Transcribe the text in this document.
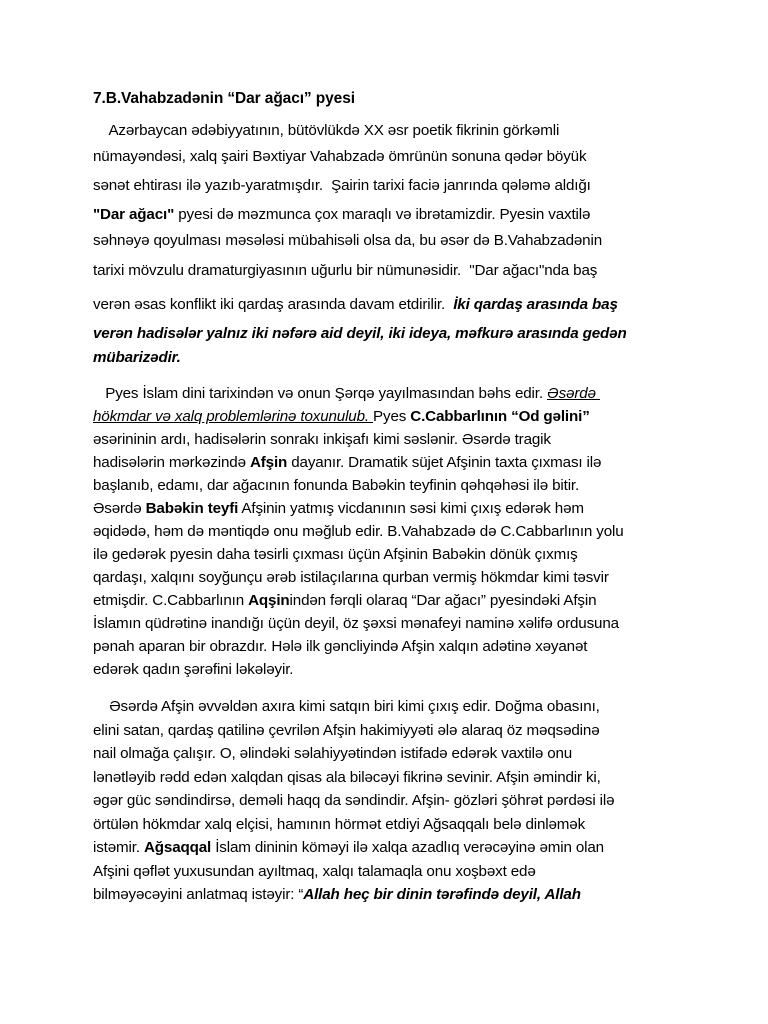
7.B.Vahabzadənin “Dar ağacı” pyesi
Azərbaycan ədəbiyyatının, bütövlükdə XX əsr poetik fikrinin görkəmli
nümayəndəsi, xalq şairi Bəxtiyar Vahabzadə ömrünün sonuna qədər böyük
sənət ehtirası ilə yazıb-yaratmışdır.  Şairin tarixi faciə janrında qələmə aldığı
"Dar ağacı" pyesi də məzmunca çox maraqlı və ibrətamizdir. Pyesin vaxtilə
səhnəyə qoyulması məsələsi mübahisəli olsa da, bu əsər də B.Vahabzadənin
tarixi mövzulu dramaturgiyasının uğurlu bir nümunəsidir.  "Dar ağacı"nda baş
verən əsas konflikt iki qardaş arasında davam etdirilir.  İki qardaş arasında baş
verən hadisələr yalnız iki nəfərə aid deyil, iki ideya, məfkurə arasında gedən
mübarizədir.
Pyes İslam dini tarixindən və onun Şərqə yayılmasından bəhs edir. Əsərdə
hökmdar və xalq problemlərinə toxunulub. Pyes C.Cabbarlının “Od gəlini”
əsərininin ardı, hadisələrin sonrakı inkişafı kimi səslənir. Əsərdə tragik
hadisələrin mərkəzində Afşin dayanır. Dramatik süjet Afşinin taxta çıxması ilə
başlanıb, edamı, dar ağacının fonunda Babəkin teyfinin qəhqəhəsi ilə bitir.
Əsərdə Babəkin teyfi Afşinin yatmış vicdanının səsi kimi çıxış edərək həm
əqidədə, həm də məntiqdə onu məğlub edir. B.Vahabzadə də C.Cabbarlının yolu
ilə gedərək pyesin daha təsirli çıxması üçün Afşinin Babəkin dönük çıxmış
qardaşı, xalqını soyğunçu ərəb istilaçılarına qurban vermiş hökmdar kimi təsvir
etmişdir. C.Cabbarlının Aqşinindən fərqli olaraq “Dar ağacı” pyesindəki Afşin
İslamın qüdrətinə inandığı üçün deyil, öz şəxsi mənafeyi naminə xəlifə ordusuna
pənah aparan bir obrazdır. Hələ ilk gəncliyində Afşin xalqın adətinə xəyanət
edərək qadın şərəfini ləkələyir.
Əsərdə Afşin əvvəldən axıra kimi satqın biri kimi çıxış edir. Doğma obasını,
elini satan, qardaş qatilinə çevrilən Afşin hakimiyyəti ələ alaraq öz məqsədinə
nail olmağa çalışır. O, əlindəki səlahiyyətindən istifadə edərək vaxtilə onu
lənətləyib rədd edən xalqdan qisas ala biləcəyi fikrinə sevinir. Afşin əmindir ki,
əgər güc səndindirsə, deməli haqq da səndindir. Afşin- gözləri şöhrət pərdəsi ilə
örtülən hökmdar xalq elçisi, hamının hörmət etdiyi Ağsaqqalı belə dinləmək
istəmir. Ağsaqqal İslam dininin köməyi ilə xalqa azadlıq verəcəyinə əmin olan
Afşini qəflət yuxusundan ayıltmaq, xalqı talamaqla onu xoşbəxt edə
bilməyəcəyini anlatmaq istəyir: “Allah heç bir dinin tərəfində deyil, Allah
